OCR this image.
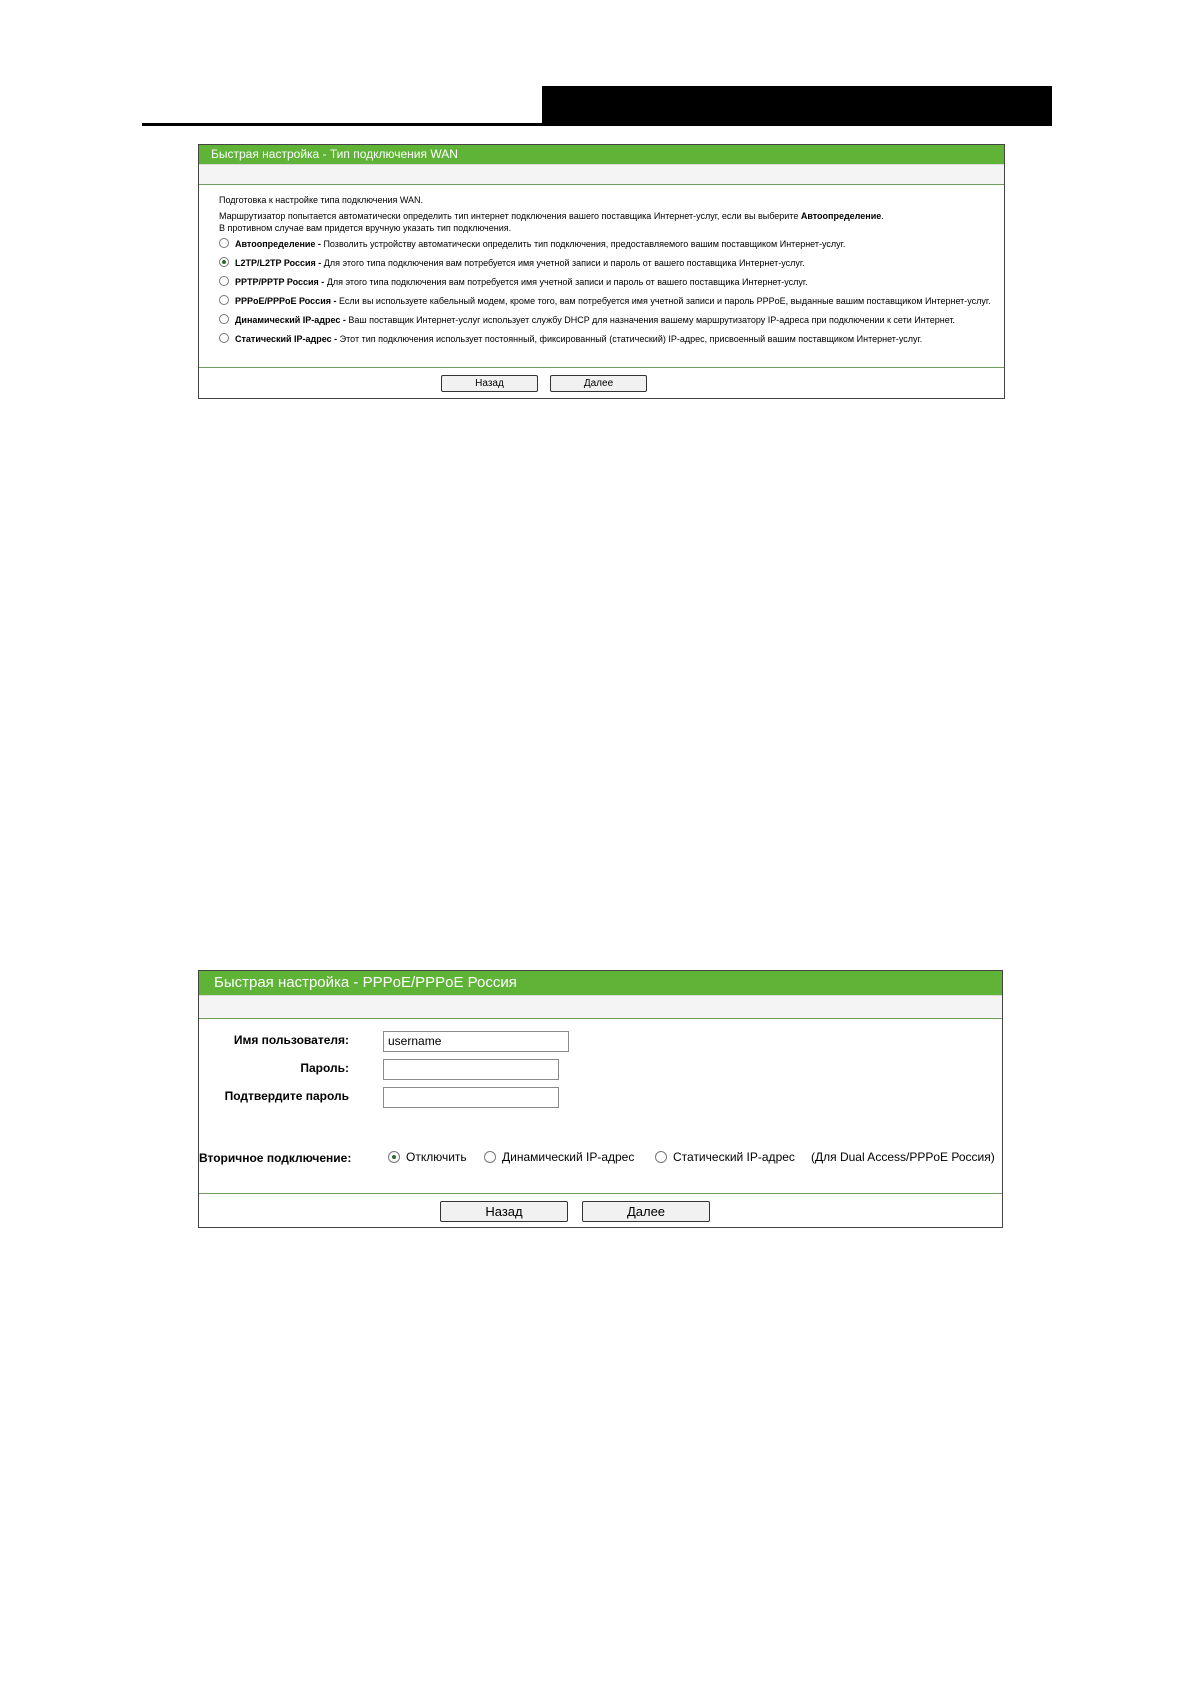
Быстрая настройка - Тип подключения WAN
Подготовка к настройке типа подключения WAN.
Маршрутизатор попытается автоматически определить тип интернет подключения вашего поставщика Интернет-услуг, если вы выберите Автоопределение.
В противном случае вам придется вручную указать тип подключения.
Автоопределение - Позволить устройству автоматически определить тип подключения, предоставляемого вашим поставщиком Интернет-услуг.
L2TP/L2TP Россия - Для этого типа подключения вам потребуется имя учетной записи и пароль от вашего поставщика Интернет-услуг.
PPTP/PPTP Россия - Для этого типа подключения вам потребуется имя учетной записи и пароль от вашего поставщика Интернет-услуг.
PPPoE/PPPoE Россия - Если вы используете кабельный модем, кроме того, вам потребуется имя учетной записи и пароль PPPoE, выданные вашим поставщиком Интернет-услуг.
Динамический IP-адрес - Ваш поставщик Интернет-услуг использует службу DHCP для назначения вашему маршрутизатору IP-адреса при подключении к сети Интернет.
Статический IP-адрес - Этот тип подключения использует постоянный, фиксированный (статический) IP-адрес, присвоенный вашим поставщиком Интернет-услуг.
Назад	Далее
Быстрая настройка - PPPoE/PPPoE Россия
Имя пользователя:	username
Пароль:
Подтвердите пароль
Вторичное подключение:	Отключить	Динамический IP-адрес	Статический IP-адрес (Для Dual Access/PPPoE Россия)
Назад	Далее
